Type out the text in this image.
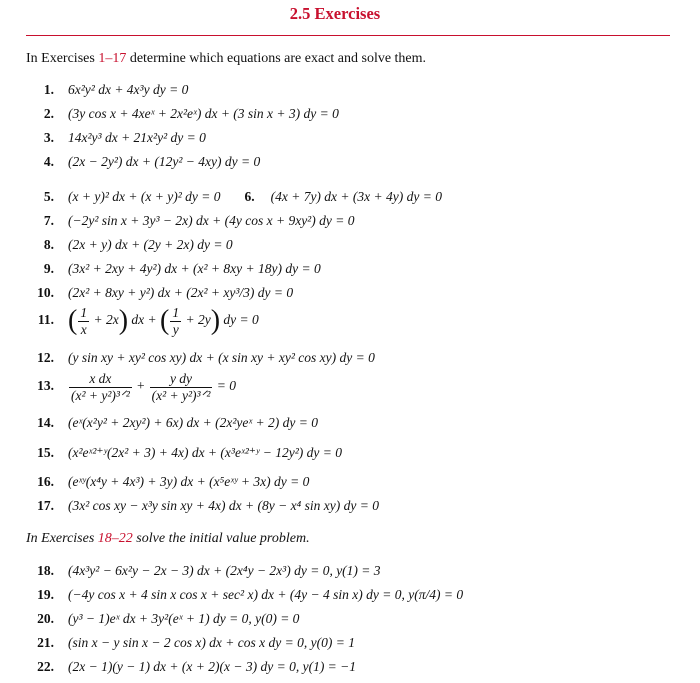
2.5 Exercises
In Exercises 1–17 determine which equations are exact and solve them.
1. 6x²y² dx + 4x³y dy = 0
2. (3y cos x + 4xeˣ + 2x²eˣ) dx + (3 sin x + 3) dy = 0
3. 14x²y³ dx + 21x²y² dy = 0
4. (2x − 2y²) dx + (12y² − 4xy) dy = 0
5. (x + y)² dx + (x + y)² dy = 0 6. (4x + 7y) dx + (3x + 4y) dy = 0
7. (−2y² sin x + 3y³ − 2x) dx + (4y cos x + 9xy²) dy = 0
8. (2x + y) dx + (2y + 2x) dy = 0
9. (3x² + 2xy + 4y²) dx + (x² + 8xy + 18y) dy = 0
10. (2x² + 8xy + y²) dx + (2x² + xy³/3) dy = 0
11. ( $\frac{1}{x} + 2x$) dx + ( $\frac{1}{y} + 2y$) dy = 0
12. (y sin xy + xy² cos xy) dx + (x sin xy + xy² cos xy) dy = 0
13. $\frac{\text{x dx}}{\text{(x² + y²)³ᐟ²}} + \frac{\text{y dy}}{\text{(x² + y²)³ᐟ²}} = 0$
14. (eˣ(x²y² + 2xy²) + 6x) dx + (2x²yeˣ + 2) dy = 0
15. (x²eˣ²⁺ʸ(2x² + 3) + 4x) dx + (x³eˣ²⁺ʸ − 12y²) dy = 0
16. (eˣʸ(x⁴y + 4x³) + 3y) dx + (x⁵eˣʸ + 3x) dy = 0
17. (3x² cos xy − x³y sin xy + 4x) dx + (8y − x⁴ sin xy) dy = 0
In Exercises 18–22 solve the initial value problem.
18. (4x³y² − 6x²y − 2x − 3) dx + (2x⁴y − 2x³) dy = 0, y(1) = 3
19. (−4y cos x + 4 sin x cos x + sec² x) dx + (4y − 4 sin x) dy = 0, y(π/4) = 0
20. (y³ − 1)eˣ dx + 3y²(eˣ + 1) dy = 0, y(0) = 0
21. (sin x − y sin x − 2 cos x) dx + cos x dy = 0, y(0) = 1
22. (2x − 1)(y − 1) dx + (x + 2)(x − 3) dy = 0, y(1) = −1
